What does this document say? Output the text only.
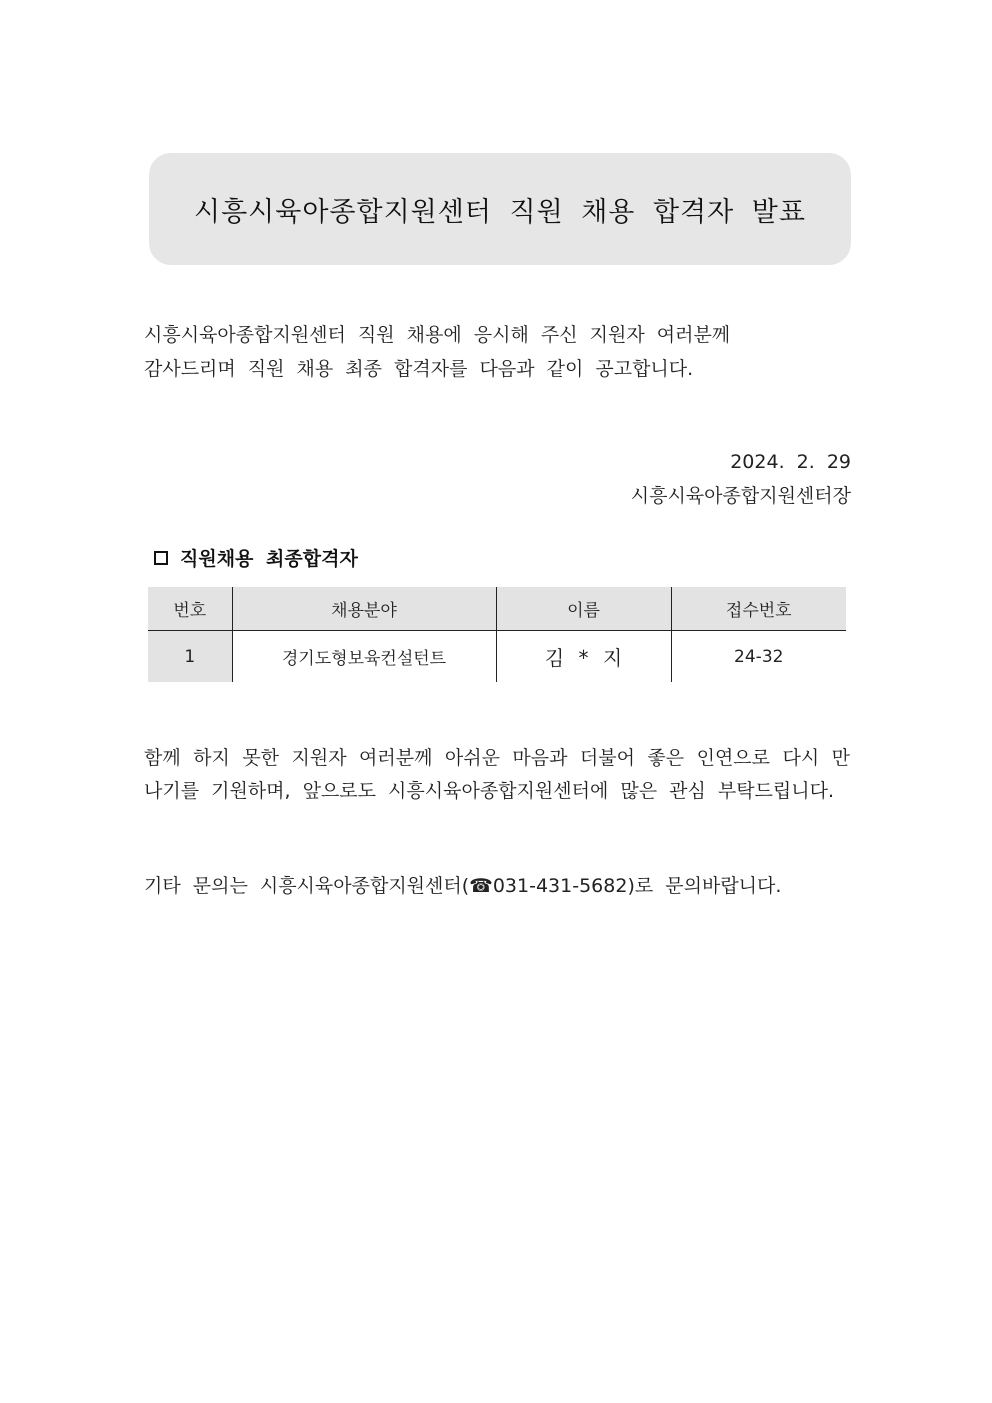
시흥시육아종합지원센터 직원 채용 합격자 발표
시흥시육아종합지원센터 직원 채용에 응시해 주신 지원자 여러분께
감사드리며 직원 채용 최종 합격자를 다음과 같이 공고합니다.
2024. 2. 29
시흥시육아종합지원센터장
직원채용 최종합격자
번호	채용분야	이름	접수번호
1	경기도형보육컨설턴트	김 * 지	24-32
함께 하지 못한 지원자 여러분께 아쉬운 마음과 더불어 좋은 인연으로 다시 만나기를 기원하며, 앞으로도 시흥시육아종합지원센터에 많은 관심 부탁드립니다.
기타 문의는 시흥시육아종합지원센터(☎031-431-5682)로 문의바랍니다.
